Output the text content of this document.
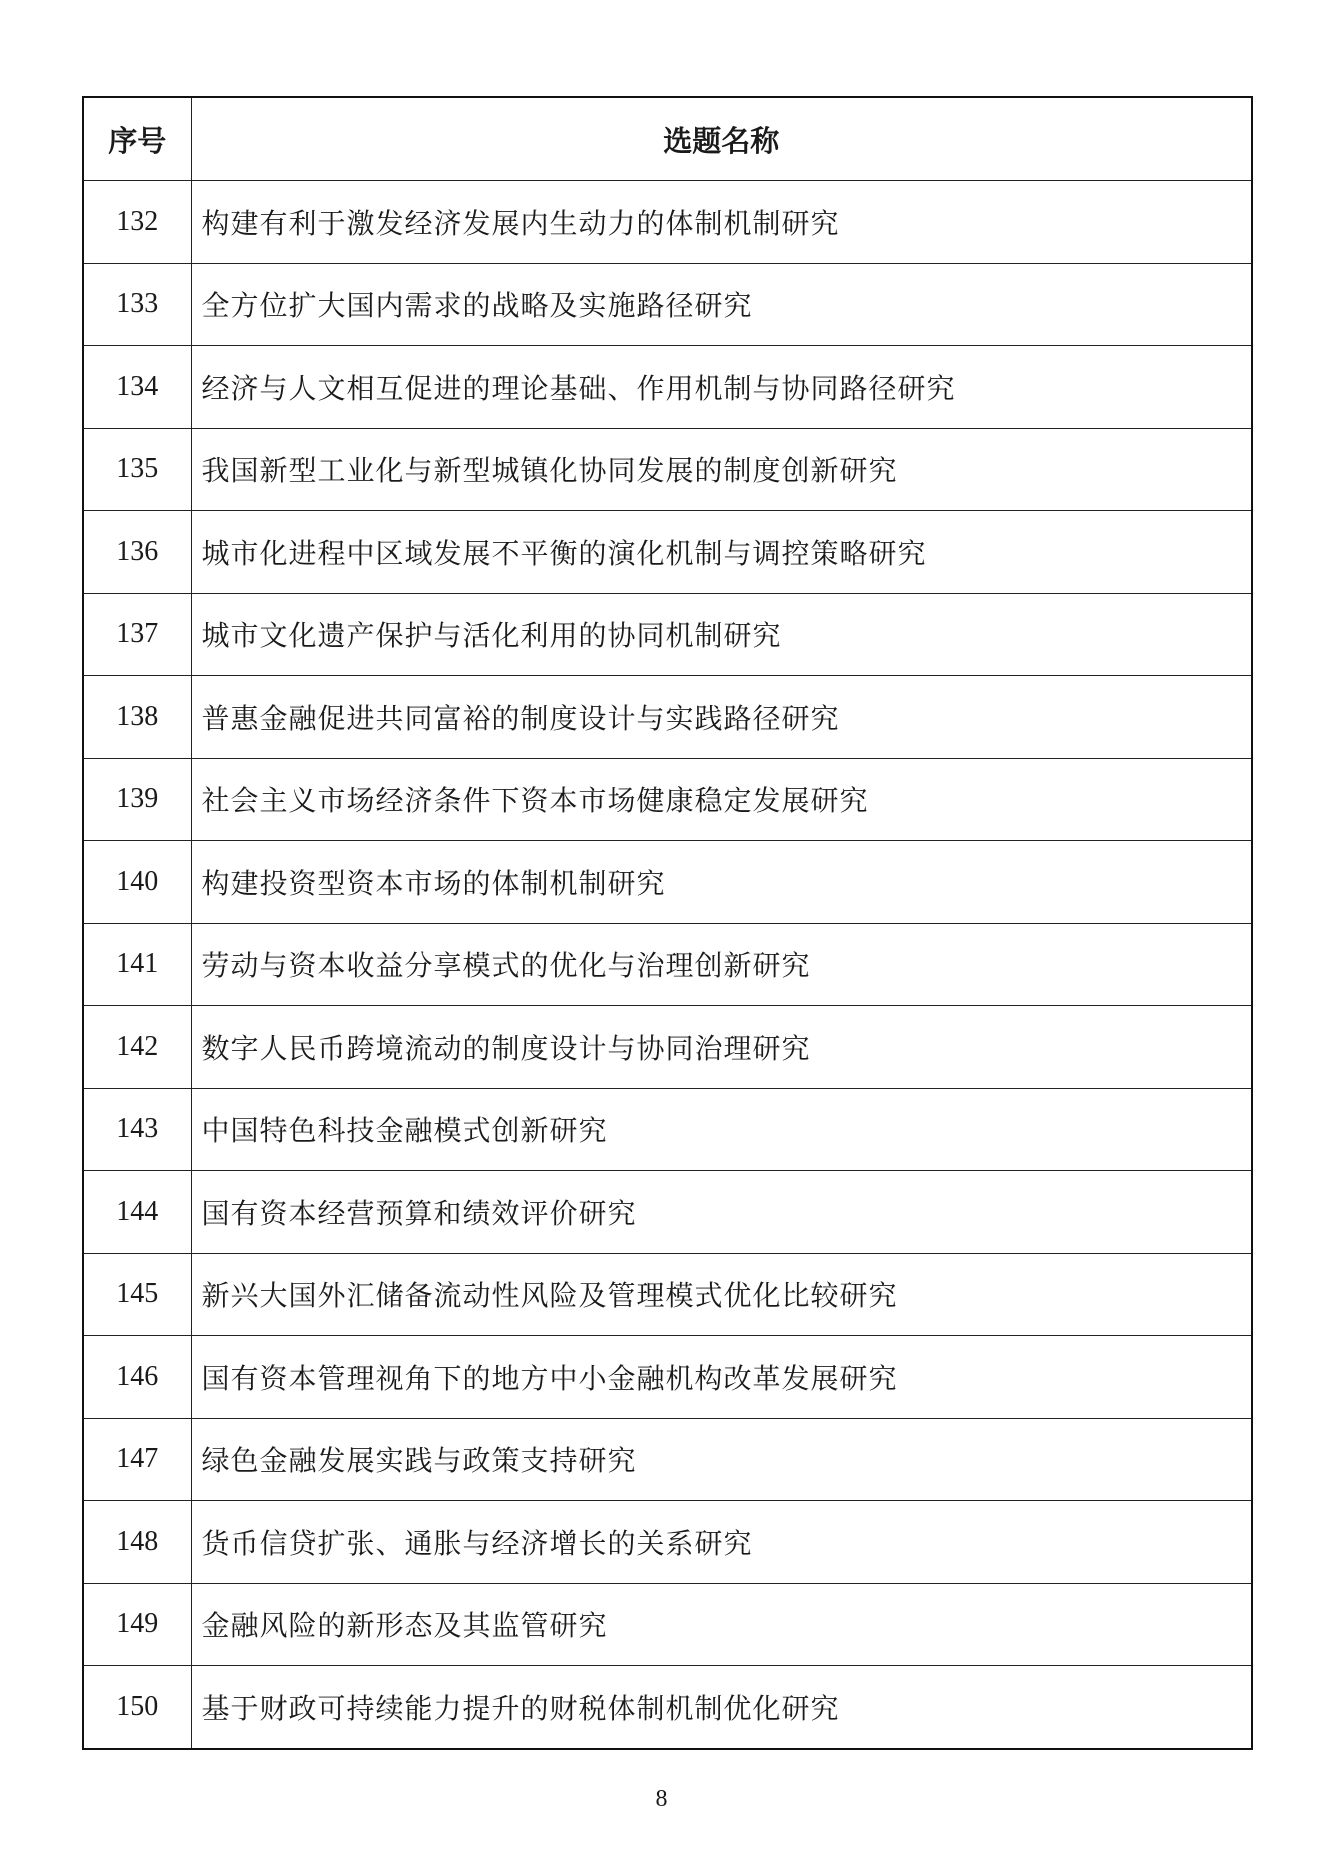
序号	选题名称
132	构建有利于激发经济发展内生动力的体制机制研究
133	全方位扩大国内需求的战略及实施路径研究
134	经济与人文相互促进的理论基础、作用机制与协同路径研究
135	我国新型工业化与新型城镇化协同发展的制度创新研究
136	城市化进程中区域发展不平衡的演化机制与调控策略研究
137	城市文化遗产保护与活化利用的协同机制研究
138	普惠金融促进共同富裕的制度设计与实践路径研究
139	社会主义市场经济条件下资本市场健康稳定发展研究
140	构建投资型资本市场的体制机制研究
141	劳动与资本收益分享模式的优化与治理创新研究
142	数字人民币跨境流动的制度设计与协同治理研究
143	中国特色科技金融模式创新研究
144	国有资本经营预算和绩效评价研究
145	新兴大国外汇储备流动性风险及管理模式优化比较研究
146	国有资本管理视角下的地方中小金融机构改革发展研究
147	绿色金融发展实践与政策支持研究
148	货币信贷扩张、通胀与经济增长的关系研究
149	金融风险的新形态及其监管研究
150	基于财政可持续能力提升的财税体制机制优化研究
8
